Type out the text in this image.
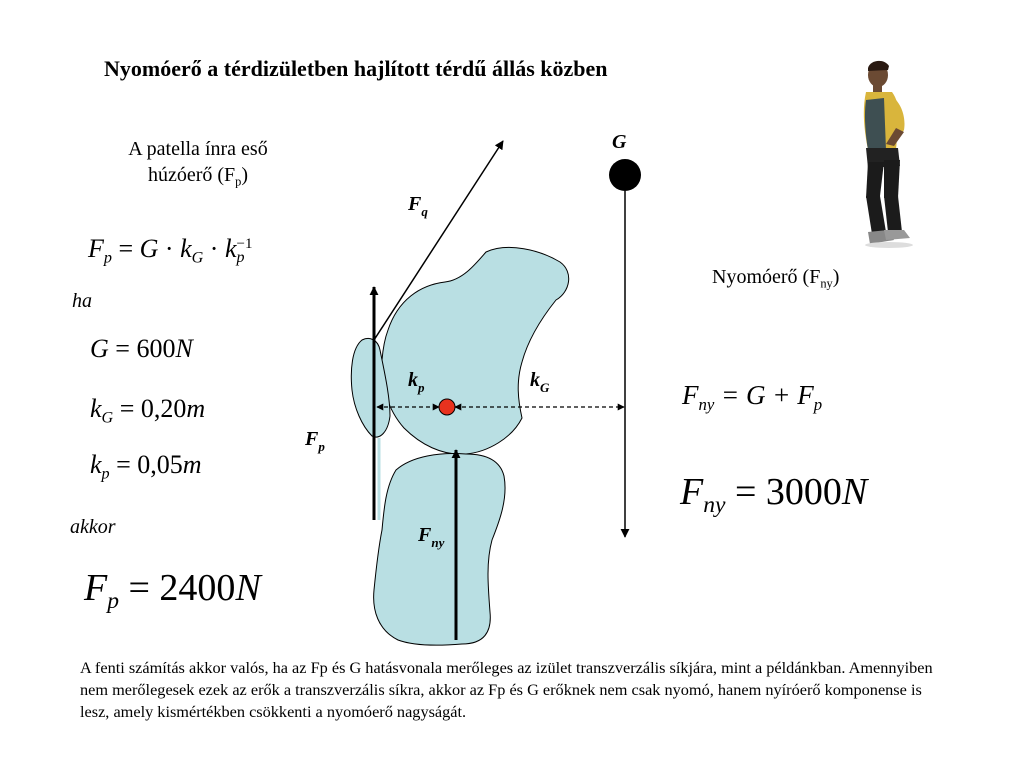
Nyomóerő a térdizületben hajlított térdű állás közben
A patella ínra eső
húzóerő $(F_p)$
$F_p = G \cdot k_G \cdot k -1$
p
ha
G = 600N
$k_G = 0,20m$
$k_p = 0,05m$
akkor
$F_p = 2400N$
Nyomóerő $(F_{ny})$
$F_{ny} = G + F_p$
$F_{ny} = 3000N$
G
$F_q$
$k_p$	$k_G$
$F_p$
$F_{ny}$
A fenti számítás akkor valós, ha az Fp és G hatásvonala merőleges az izület transzverzális síkjára, mint a példánkban. Amennyiben nem merőlegesek ezek az erők a transzverzális síkra, akkor az Fp és G erőknek nem csak nyomó, hanem nyíróerő komponense is lesz, amely kismértékben csökkenti a nyomóerő nagyságát.
